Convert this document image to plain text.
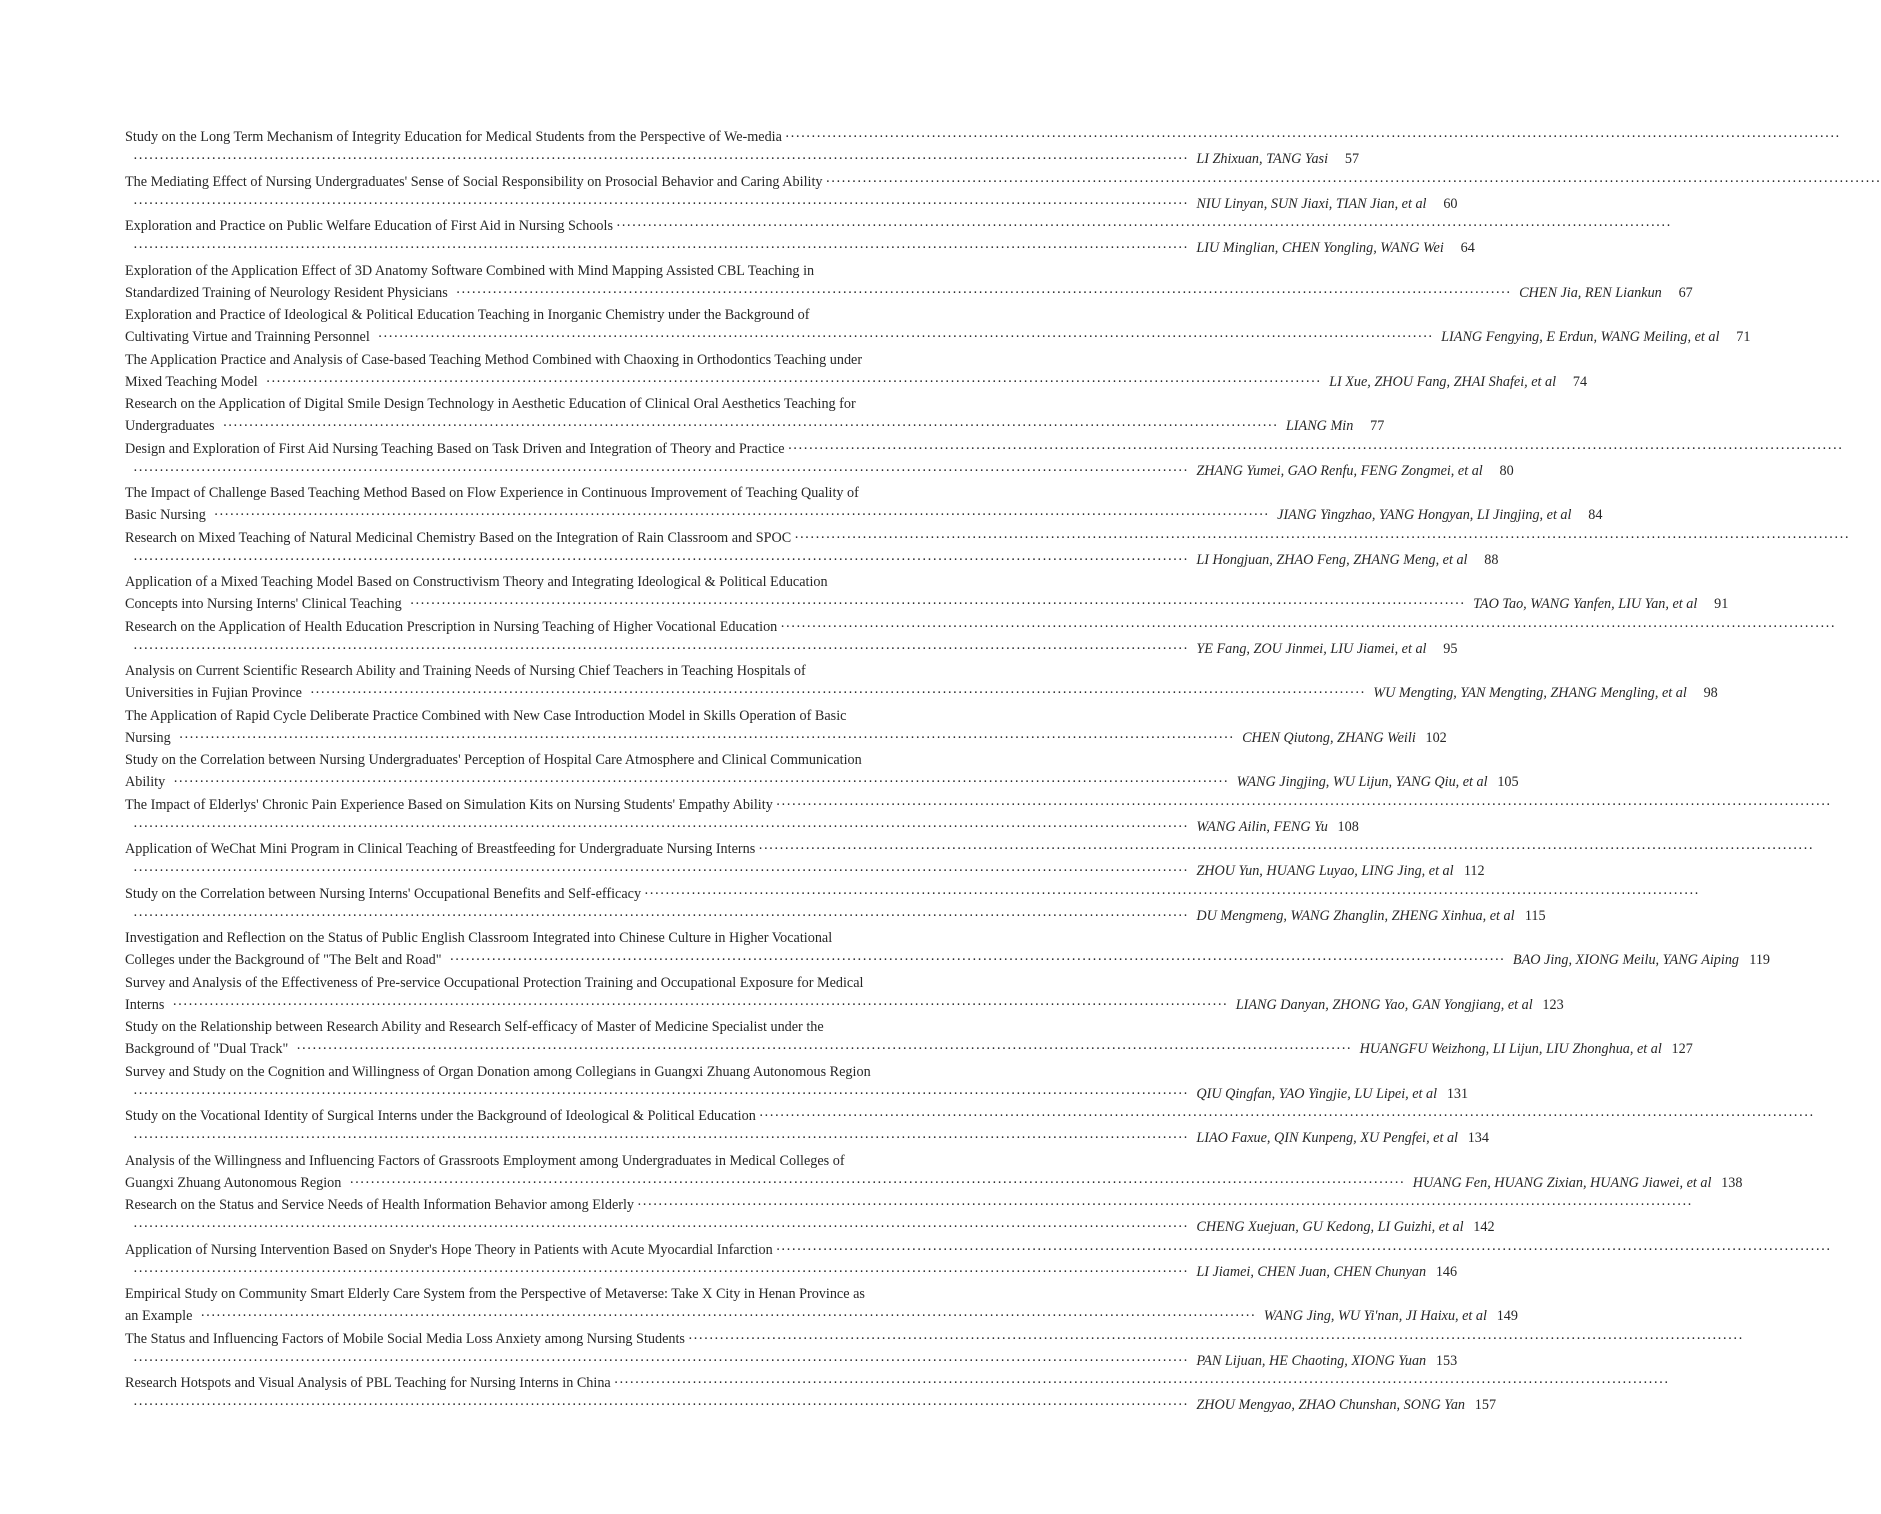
Study on the Long Term Mechanism of Integrity Education for Medical Students from the Perspective of We-media ··········································································································································································································
·········································································································································································································· LI Zhixuan, TANG Yasi	57
The Mediating Effect of Nursing Undergraduates' Sense of Social Responsibility on Prosocial Behavior and Caring Ability ··········································································································································································································
·········································································································································································································· NIU Linyan, SUN Jiaxi, TIAN Jian, et al	60
Exploration and Practice on Public Welfare Education of First Aid in Nursing Schools ··········································································································································································································
·········································································································································································································· LIU Minglian, CHEN Yongling, WANG Wei	64
Exploration of the Application Effect of 3D Anatomy Software Combined with Mind Mapping Assisted CBL Teaching in
Standardized Training of Neurology Resident Physicians ·········································································································································································································· CHEN Jia, REN Liankun	67
Exploration and Practice of Ideological & Political Education Teaching in Inorganic Chemistry under the Background of
Cultivating Virtue and Trainning Personnel ·········································································································································································································· LIANG Fengying, E Erdun, WANG Meiling, et al	71
The Application Practice and Analysis of Case-based Teaching Method Combined with Chaoxing in Orthodontics Teaching under
Mixed Teaching Model ·········································································································································································································· LI Xue, ZHOU Fang, ZHAI Shafei, et al	74
Research on the Application of Digital Smile Design Technology in Aesthetic Education of Clinical Oral Aesthetics Teaching for
Undergraduates ·········································································································································································································· LIANG Min	77
Design and Exploration of First Aid Nursing Teaching Based on Task Driven and Integration of Theory and Practice ··········································································································································································································
·········································································································································································································· ZHANG Yumei, GAO Renfu, FENG Zongmei, et al	80
The Impact of Challenge Based Teaching Method Based on Flow Experience in Continuous Improvement of Teaching Quality of
Basic Nursing ·········································································································································································································· JIANG Yingzhao, YANG Hongyan, LI Jingjing, et al	84
Research on Mixed Teaching of Natural Medicinal Chemistry Based on the Integration of Rain Classroom and SPOC ··········································································································································································································
·········································································································································································································· LI Hongjuan, ZHAO Feng, ZHANG Meng, et al	88
Application of a Mixed Teaching Model Based on Constructivism Theory and Integrating Ideological & Political Education
Concepts into Nursing Interns' Clinical Teaching ·········································································································································································································· TAO Tao, WANG Yanfen, LIU Yan, et al	91
Research on the Application of Health Education Prescription in Nursing Teaching of Higher Vocational Education ··········································································································································································································
·········································································································································································································· YE Fang, ZOU Jinmei, LIU Jiamei, et al	95
Analysis on Current Scientific Research Ability and Training Needs of Nursing Chief Teachers in Teaching Hospitals of
Universities in Fujian Province ·········································································································································································································· WU Mengting, YAN Mengting, ZHANG Mengling, et al	98
The Application of Rapid Cycle Deliberate Practice Combined with New Case Introduction Model in Skills Operation of Basic
Nursing ·········································································································································································································· CHEN Qiutong, ZHANG Weili 102
Study on the Correlation between Nursing Undergraduates' Perception of Hospital Care Atmosphere and Clinical Communication
Ability ·········································································································································································································· WANG Jingjing, WU Lijun, YANG Qiu, et al 105
The Impact of Elderlys' Chronic Pain Experience Based on Simulation Kits on Nursing Students' Empathy Ability ··········································································································································································································
·········································································································································································································· WANG Ailin, FENG Yu 108
Application of WeChat Mini Program in Clinical Teaching of Breastfeeding for Undergraduate Nursing Interns ··········································································································································································································
·········································································································································································································· ZHOU Yun, HUANG Luyao, LING Jing, et al 112
Study on the Correlation between Nursing Interns' Occupational Benefits and Self-efficacy ··········································································································································································································
·········································································································································································································· DU Mengmeng, WANG Zhanglin, ZHENG Xinhua, et al 115
Investigation and Reflection on the Status of Public English Classroom Integrated into Chinese Culture in Higher Vocational
Colleges under the Background of "The Belt and Road" ·········································································································································································································· BAO Jing, XIONG Meilu, YANG Aiping 119
Survey and Analysis of the Effectiveness of Pre-service Occupational Protection Training and Occupational Exposure for Medical
Interns ·········································································································································································································· LIANG Danyan, ZHONG Yao, GAN Yongjiang, et al 123
Study on the Relationship between Research Ability and Research Self-efficacy of Master of Medicine Specialist under the
Background of "Dual Track" ·········································································································································································································· HUANGFU Weizhong, LI Lijun, LIU Zhonghua, et al 127
Survey and Study on the Cognition and Willingness of Organ Donation among Collegians in Guangxi Zhuang Autonomous Region
·········································································································································································································· QIU Qingfan, YAO Yingjie, LU Lipei, et al 131
Study on the Vocational Identity of Surgical Interns under the Background of Ideological & Political Education ··········································································································································································································
·········································································································································································································· LIAO Faxue, QIN Kunpeng, XU Pengfei, et al 134
Analysis of the Willingness and Influencing Factors of Grassroots Employment among Undergraduates in Medical Colleges of
Guangxi Zhuang Autonomous Region ·········································································································································································································· HUANG Fen, HUANG Zixian, HUANG Jiawei, et al 138
Research on the Status and Service Needs of Health Information Behavior among Elderly ··········································································································································································································
·········································································································································································································· CHENG Xuejuan, GU Kedong, LI Guizhi, et al 142
Application of Nursing Intervention Based on Snyder's Hope Theory in Patients with Acute Myocardial Infarction ··········································································································································································································
·········································································································································································································· LI Jiamei, CHEN Juan, CHEN Chunyan 146
Empirical Study on Community Smart Elderly Care System from the Perspective of Metaverse: Take X City in Henan Province as
an Example ·········································································································································································································· WANG Jing, WU Yi'nan, JI Haixu, et al 149
The Status and Influencing Factors of Mobile Social Media Loss Anxiety among Nursing Students ··········································································································································································································
·········································································································································································································· PAN Lijuan, HE Chaoting, XIONG Yuan 153
Research Hotspots and Visual Analysis of PBL Teaching for Nursing Interns in China ··········································································································································································································
·········································································································································································································· ZHOU Mengyao, ZHAO Chunshan, SONG Yan 157
